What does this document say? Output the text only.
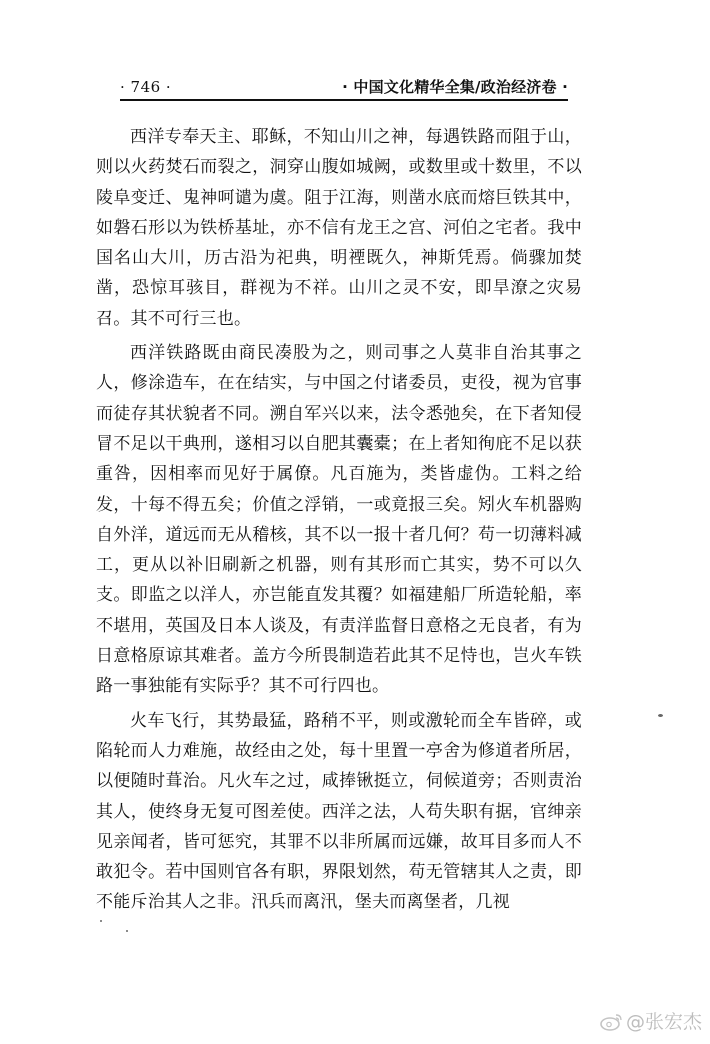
· 746 ·	· 中国文化精华全集/政治经济卷 ·

西洋专奉天主、耶稣，不知山川之神，每遇铁路而阻于山，则以火药焚石而裂之，洞穿山腹如城阙，或数里或十数里，不以陵阜变迁、鬼神呵谴为虞。阻于江海，则凿水底而熔巨铁其中，如磐石形以为铁桥基址，亦不信有龙王之宫、河伯之宅者。我中国名山大川，历古沿为祀典，明禋既久，神斯凭焉。倘骤加焚凿，恐惊耳骇目，群视为不祥。山川之灵不安，即旱潦之灾易召。其不可行三也。

西洋铁路既由商民凑股为之，则司事之人莫非自治其事之人，修涂造车，在在结实，与中国之付诸委员，吏役，视为官事而徒存其状貌者不同。溯自军兴以来，法令悉弛矣，在下者知侵冒不足以干典刑，遂相习以自肥其囊橐；在上者知徇庇不足以获重咎，因相率而见好于属僚。凡百施为，类皆虚伪。工料之给发，十每不得五矣；价值之浮销，一或竟报三矣。矧火车机器购自外洋，道远而无从稽核，其不以一报十者几何？苟一切薄料减工，更从以补旧刷新之机器，则有其形而亡其实，势不可以久支。即监之以洋人，亦岂能直发其覆？如福建船厂所造轮船，率不堪用，英国及日本人谈及，有责洋监督日意格之无良者，有为日意格原谅其难者。盖方今所畏制造若此其不足恃也，岂火车铁路一事独能有实际乎？其不可行四也。

火车飞行，其势最猛，路稍不平，则或激轮而全车皆碎，或陷轮而人力难施，故经由之处，每十里置一亭舍为修道者所居，以便随时葺治。凡火车之过，咸捧锹挺立，伺候道旁；否则责治其人，使终身无复可图差使。西洋之法，人苟失职有据，官绅亲见亲闻者，皆可惩究，其罪不以非所属而远嫌，故耳目多而人不敢犯令。若中国则官各有职，界限划然，苟无管辖其人之责，即不能斥治其人之非。汛兵而离汛，堡夫而离堡者，几视

@张宏杰
